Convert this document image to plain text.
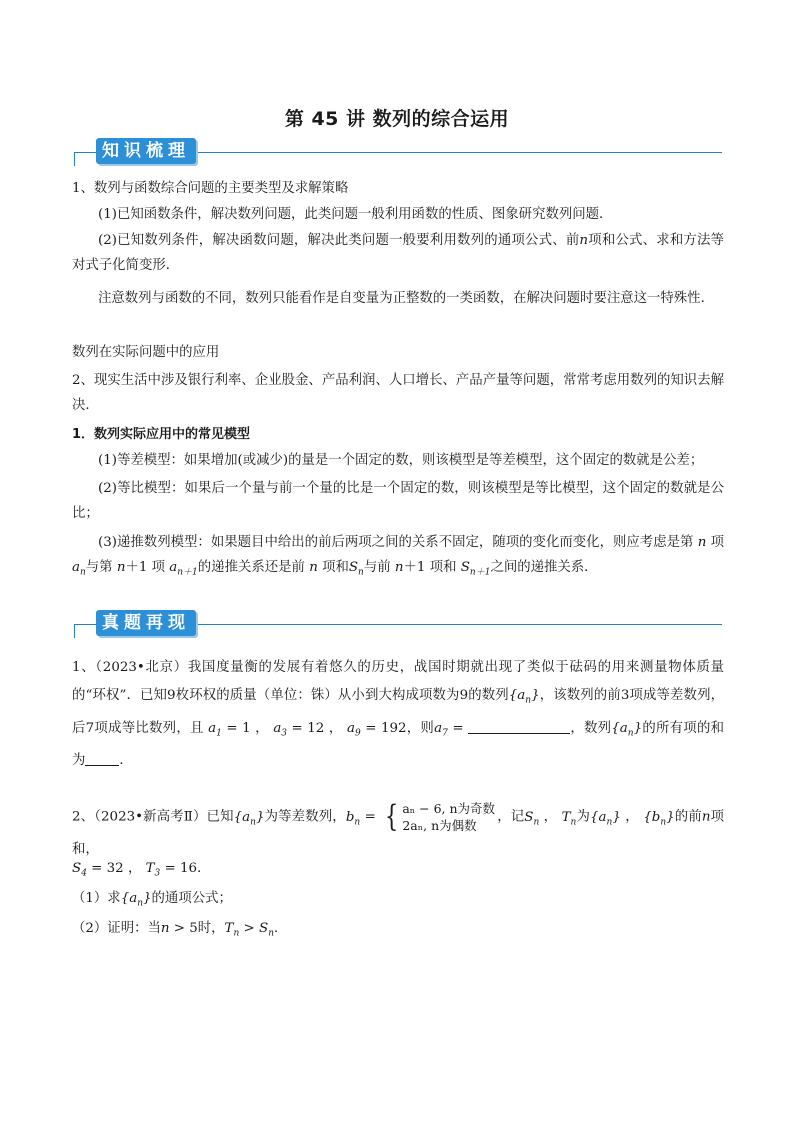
第 45 讲 数列的综合运用
知识梳理
1、数列与函数综合问题的主要类型及求解策略
(1)已知函数条件，解决数列问题，此类问题一般利用函数的性质、图象研究数列问题．
(2)已知数列条件，解决函数问题，解决此类问题一般要利用数列的通项公式、前n项和公式、求和方法等对式子化简变形．
注意数列与函数的不同，数列只能看作是自变量为正整数的一类函数，在解决问题时要注意这一特殊性．
数列在实际问题中的应用
2、现实生活中涉及银行利率、企业股金、产品利润、人口增长、产品产量等问题，常常考虑用数列的知识去解决．
1．数列实际应用中的常见模型
(1)等差模型：如果增加(或减少)的量是一个固定的数，则该模型是等差模型，这个固定的数就是公差；
(2)等比模型：如果后一个量与前一个量的比是一个固定的数，则该模型是等比模型，这个固定的数就是公比；
(3)递推数列模型：如果题目中给出的前后两项之间的关系不固定，随项的变化而变化，则应考虑是第 n 项 $a_n$与第 n＋1 项 $a_{n+1}$的递推关系还是前 n 项和$S_n$与前 n＋1 项和 $S_{n+1}$之间的递推关系．
真题再现
1、（2023•北京）我国度量衡的发展有着悠久的历史，战国时期就出现了类似于砝码的用来测量物体质量的“环权”．已知9枚环权的质量（单位：铢）从小到大构成项数为9的数列$\{a_n\}$，该数列的前3项成等差数列，后7项成等比数列，且 $a_1 = 1$ ， $a_3 = 12$ ， $a_9 = 192$，则$a_7$ =	，数列$\{a_n\}$的所有项的和为	．
2、（2023•新高考Ⅱ）已知$\{a_n\}$为等差数列，$b_n$ = { aₙ − 6, n为奇数
2aₙ, n为偶数
，记$S_n$ ， $T_n$为$\{a_n\}$ ， $\{b_n\}$的前n项和，
$S_4 = 32$ ， $T_3 = 16$．
（1）求$\{a_n\}$的通项公式；
（2）证明：当n > 5时，$T_n > S_n$．
